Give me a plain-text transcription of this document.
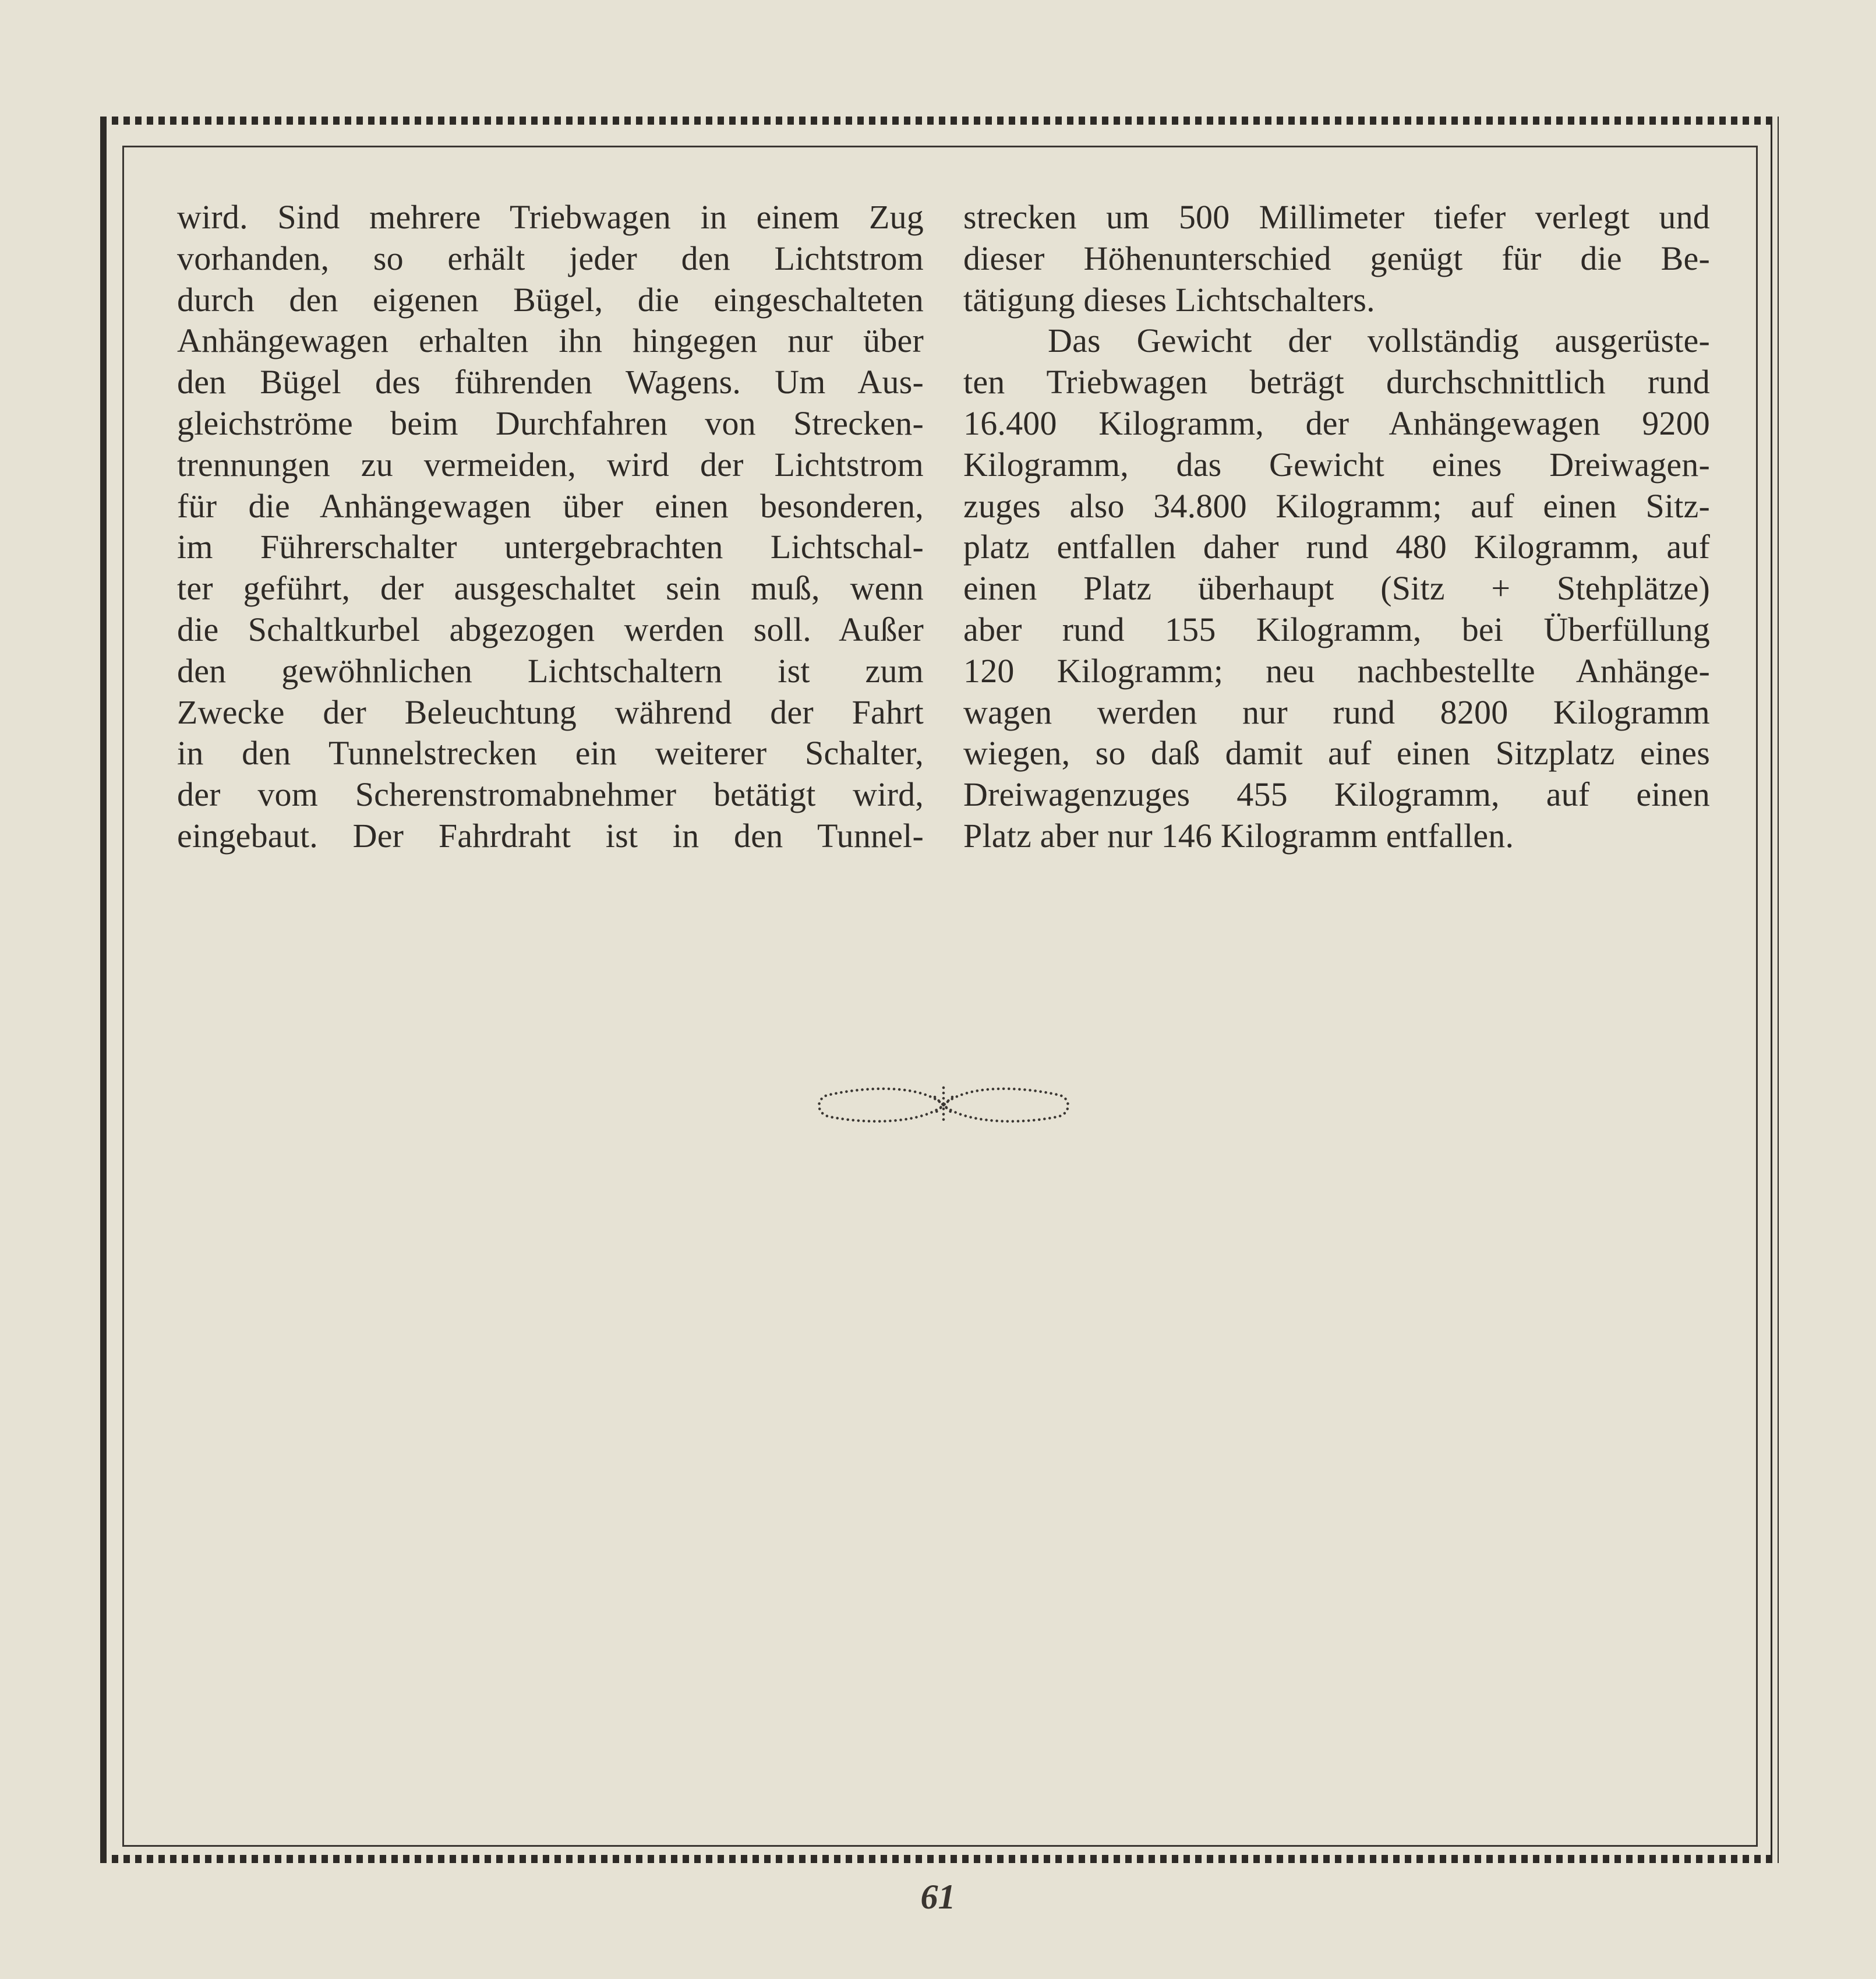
wird. Sind mehrere Triebwagen in einem Zug

vorhanden, so erhält jeder den Lichtstrom

durch den eigenen Bügel, die eingeschalteten

Anhängewagen erhalten ihn hingegen nur über

den Bügel des führenden Wagens. Um Aus-

gleichströme beim Durchfahren von Strecken-

trennungen zu vermeiden, wird der Lichtstrom

für die Anhängewagen über einen besonderen,

im Führerschalter untergebrachten Lichtschal-

ter geführt, der ausgeschaltet sein muß, wenn

die Schaltkurbel abgezogen werden soll. Außer

den gewöhnlichen Lichtschaltern ist zum

Zwecke der Beleuchtung während der Fahrt

in den Tunnelstrecken ein weiterer Schalter,

der vom Scherenstromabnehmer betätigt wird,

eingebaut. Der Fahrdraht ist in den Tunnel-

strecken um 500 Millimeter tiefer verlegt und

dieser Höhenunterschied genügt für die Be-

tätigung dieses Lichtschalters.

Das Gewicht der vollständig ausgerüste-

ten Triebwagen beträgt durchschnittlich rund

16.400 Kilogramm, der Anhängewagen 9200

Kilogramm, das Gewicht eines Dreiwagen-

zuges also 34.800 Kilogramm; auf einen Sitz-

platz entfallen daher rund 480 Kilogramm, auf

einen Platz überhaupt (Sitz + Stehplätze)

aber rund 155 Kilogramm, bei Überfüllung

120 Kilogramm; neu nachbestellte Anhänge-

wagen werden nur rund 8200 Kilogramm

wiegen, so daß damit auf einen Sitzplatz eines

Dreiwagenzuges 455 Kilogramm, auf einen

Platz aber nur 146 Kilogramm entfallen.

61
